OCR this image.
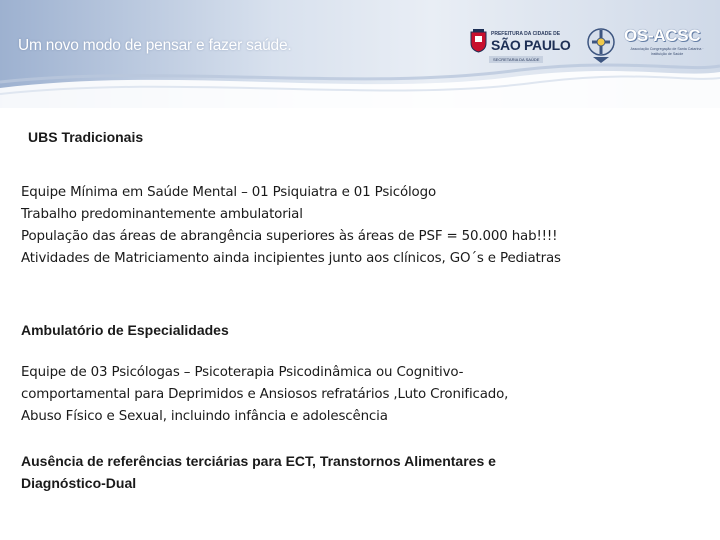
Um novo modo de pensar e fazer saúde.
PREFEITURA DA CIDADE DE
SÃO PAULO
SECRETARIA DA SAÚDE
OS-ACSC
Associação Congregação de Santa Catarina · Instituição de Saúde
UBS Tradicionais
Equipe Mínima em Saúde Mental – 01 Psiquiatra e 01 Psicólogo
Trabalho predominantemente ambulatorial
População das áreas de abrangência superiores às áreas de PSF = 50.000 hab!!!!
Atividades de Matriciamento ainda incipientes junto aos clínicos, GO´s e Pediatras
Ambulatório de Especialidades
Equipe de 03 Psicólogas – Psicoterapia Psicodinâmica ou Cognitivo-
comportamental para Deprimidos e Ansiosos refratários ,Luto Cronificado,
Abuso Físico e Sexual, incluindo infância e adolescência
Ausência de referências terciárias para ECT, Transtornos Alimentares e Diagnóstico-Dual
